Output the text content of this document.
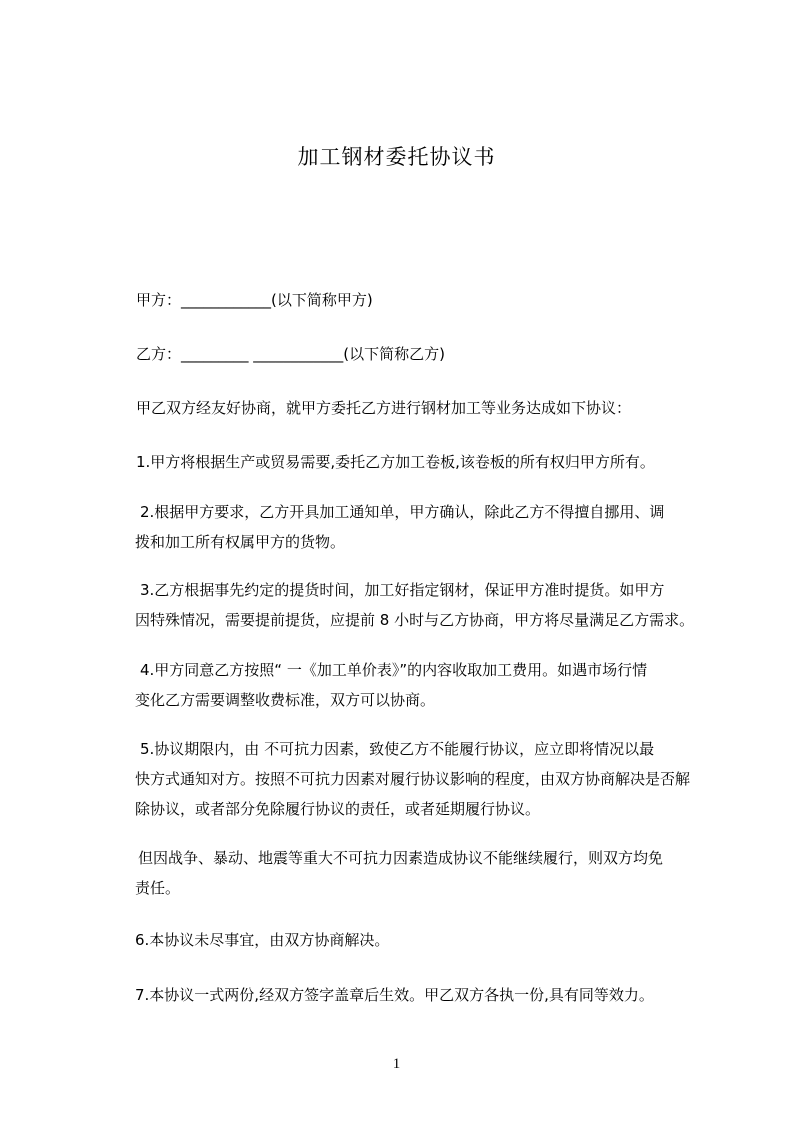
加工钢材委托协议书
甲方：____________(以下简称甲方)
乙方：_________ ____________(以下简称乙方)
甲乙双方经友好协商，就甲方委托乙方进行钢材加工等业务达成如下协议：
1.甲方将根据生产或贸易需要,委托乙方加工卷板,该卷板的所有权归甲方所有。

2.根据甲方要求，乙方开具加工通知单，甲方确认，除此乙方不得擅自挪用、调

拨和加工所有权属甲方的货物。

3.乙方根据事先约定的提货时间，加工好指定钢材，保证甲方准时提货。如甲方

因特殊情况，需要提前提货，应提前 8 小时与乙方协商，甲方将尽量满足乙方需求。

4.甲方同意乙方按照“ 一《加工单价表》”的内容收取加工费用。如遇市场行情

变化乙方需要调整收费标准，双方可以协商。

5.协议期限内，由 不可抗力因素，致使乙方不能履行协议，应立即将情况以最

快方式通知对方。按照不可抗力因素对履行协议影响的程度，由双方协商解决是否解

除协议，或者部分免除履行协议的责任，或者延期履行协议。

但因战争、暴动、地震等重大不可抗力因素造成协议不能继续履行，则双方均免

责任。

6.本协议未尽事宜，由双方协商解决。
7.本协议一式两份,经双方签字盖章后生效。甲乙双方各执一份,具有同等效力。
1
